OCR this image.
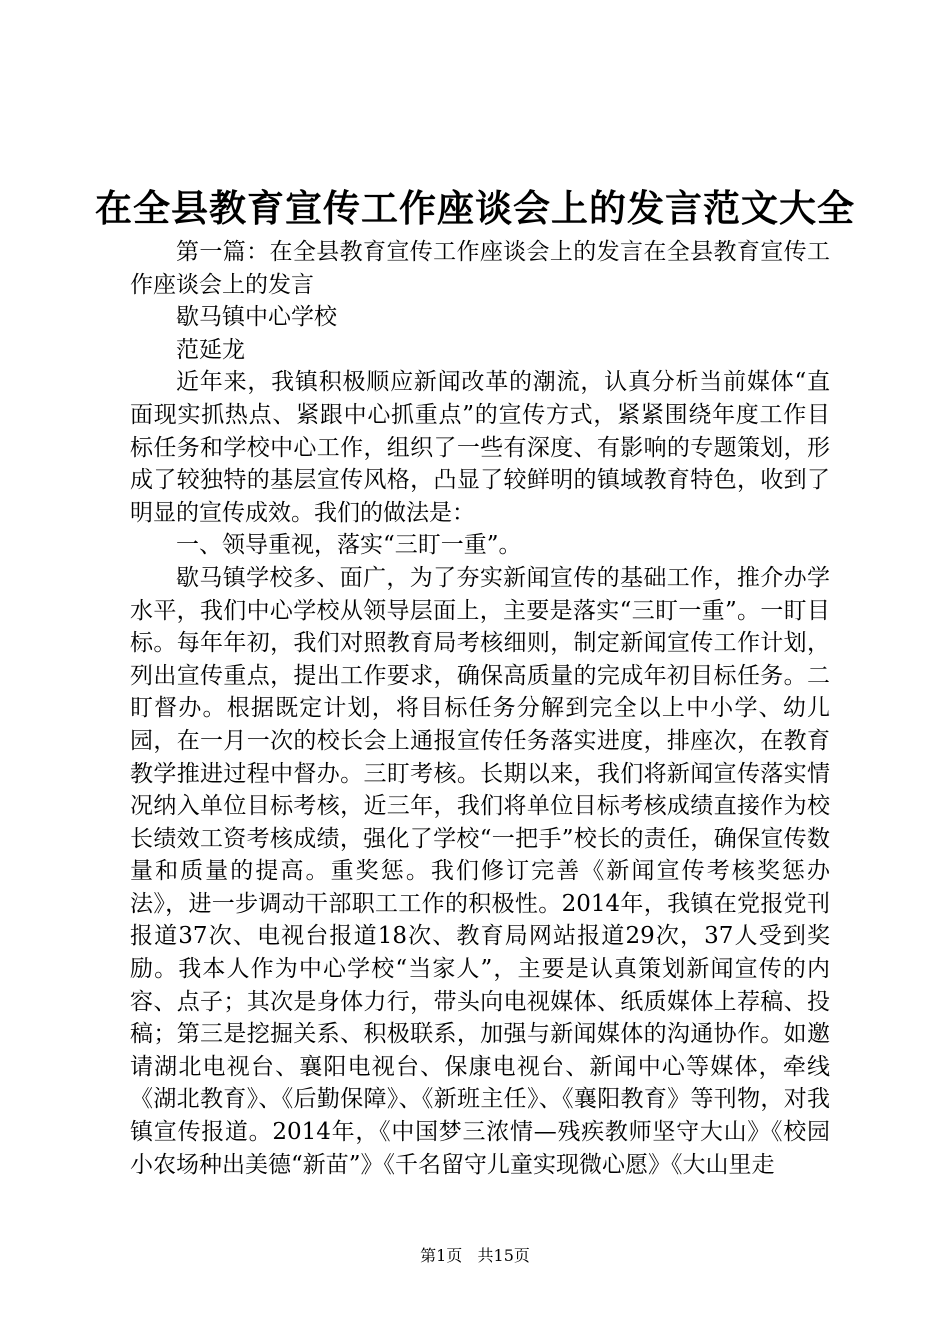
在全县教育宣传工作座谈会上的发言范文大全

第一篇：在全县教育宣传工作座谈会上的发言在全县教育宣传工作座谈会上的发言

歇马镇中心学校

范延龙

近年来，我镇积极顺应新闻改革的潮流，认真分析当前媒体“直面现实抓热点、紧跟中心抓重点”的宣传方式，紧紧围绕年度工作目标任务和学校中心工作，组织了一些有深度、有影响的专题策划，形成了较独特的基层宣传风格，凸显了较鲜明的镇域教育特色，收到了明显的宣传成效。我们的做法是：

一、领导重视，落实“三盯一重”。

歇马镇学校多、面广，为了夯实新闻宣传的基础工作，推介办学水平，我们中心学校从领导层面上，主要是落实“三盯一重”。一盯目标。每年年初，我们对照教育局考核细则，制定新闻宣传工作计划，列出宣传重点，提出工作要求，确保高质量的完成年初目标任务。二盯督办。根据既定计划，将目标任务分解到完全以上中小学、幼儿园，在一月一次的校长会上通报宣传任务落实进度，排座次，在教育教学推进过程中督办。三盯考核。长期以来，我们将新闻宣传落实情况纳入单位目标考核，近三年，我们将单位目标考核成绩直接作为校长绩效工资考核成绩，强化了学校“一把手”校长的责任，确保宣传数量和质量的提高。重奖惩。我们修订完善《新闻宣传考核奖惩办法》，进一步调动干部职工工作的积极性。2014年，我镇在党报党刊报道37次、电视台报道18次、教育局网站报道29次，37人受到奖励。我本人作为中心学校“当家人”，主要是认真策划新闻宣传的内容、点子；其次是身体力行，带头向电视媒体、纸质媒体上荐稿、投稿；第三是挖掘关系、积极联系，加强与新闻媒体的沟通协作。如邀请湖北电视台、襄阳电视台、保康电视台、新闻中心等媒体，牵线《湖北教育》、《后勤保障》、《新班主任》、《襄阳教育》等刊物，对我镇宣传报道。2014年，《中国梦三浓情—残疾教师坚守大山》《校园小农场种出美德“新苗”》《千名留守儿童实现微心愿》《大山里走

第1页 共15页
